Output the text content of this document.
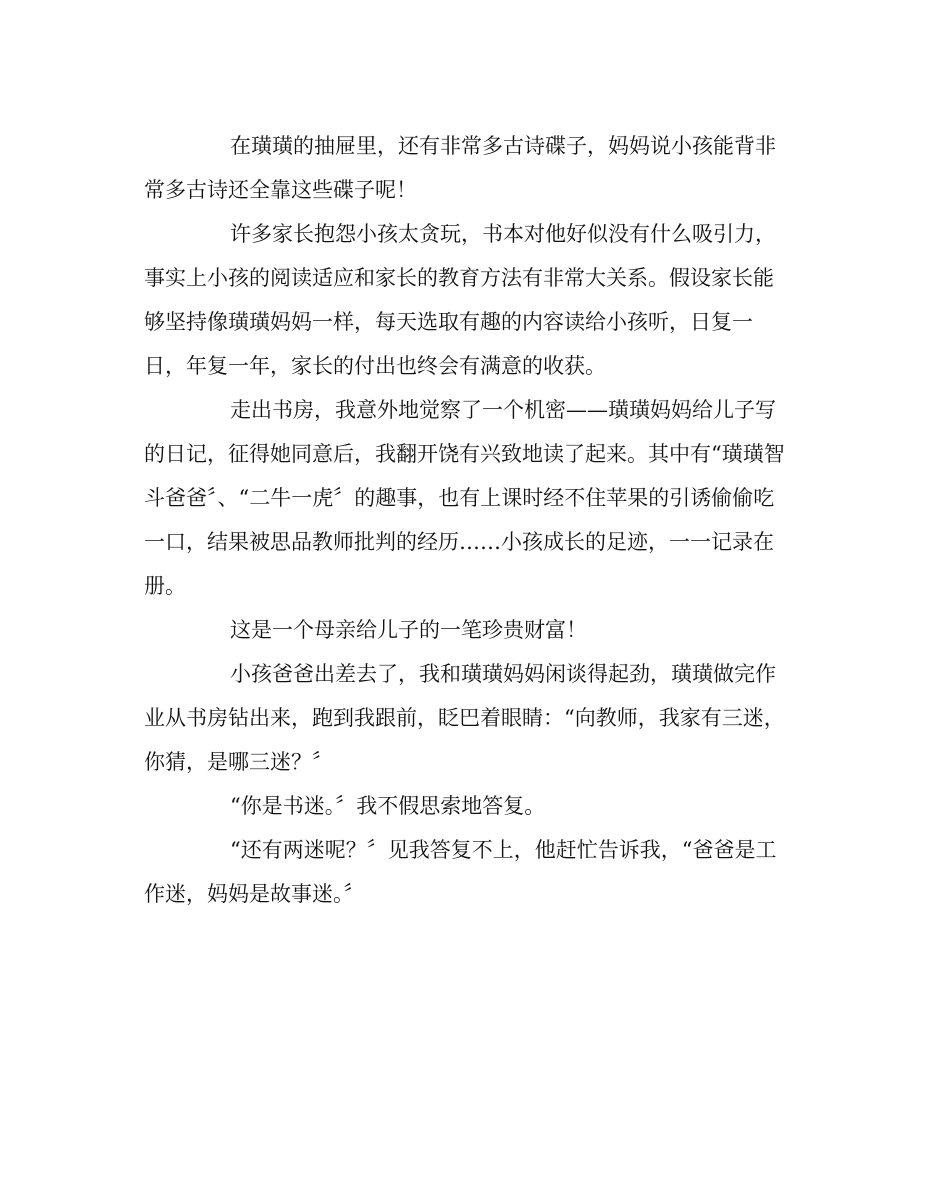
在璜璜的抽屉里，还有非常多古诗碟子，妈妈说小孩能背非
常多古诗还全靠这些碟子呢！

许多家长抱怨小孩太贪玩，书本对他好似没有什么吸引力，
事实上小孩的阅读适应和家长的教育方法有非常大关系。假设家长能
够坚持像璜璜妈妈一样，每天选取有趣的内容读给小孩听，日复一
日，年复一年，家长的付出也终会有满意的收获。

走出书房，我意外地觉察了一个机密——璜璜妈妈给儿子写
的日记，征得她同意后，我翻开饶有兴致地读了起来。其中有“璜璜智
斗爸爸〞、“二牛一虎〞的趣事，也有上课时经不住苹果的引诱偷偷吃
一口，结果被思品教师批判的经历……小孩成长的足迹，一一记录在
册。

这是一个母亲给儿子的一笔珍贵财富！

小孩爸爸出差去了，我和璜璜妈妈闲谈得起劲，璜璜做完作
业从书房钻出来，跑到我跟前，眨巴着眼睛：“向教师，我家有三迷，
你猜，是哪三迷？〞

“你是书迷。〞我不假思索地答复。

“还有两迷呢？〞见我答复不上，他赶忙告诉我，“爸爸是工
作迷，妈妈是故事迷。〞
